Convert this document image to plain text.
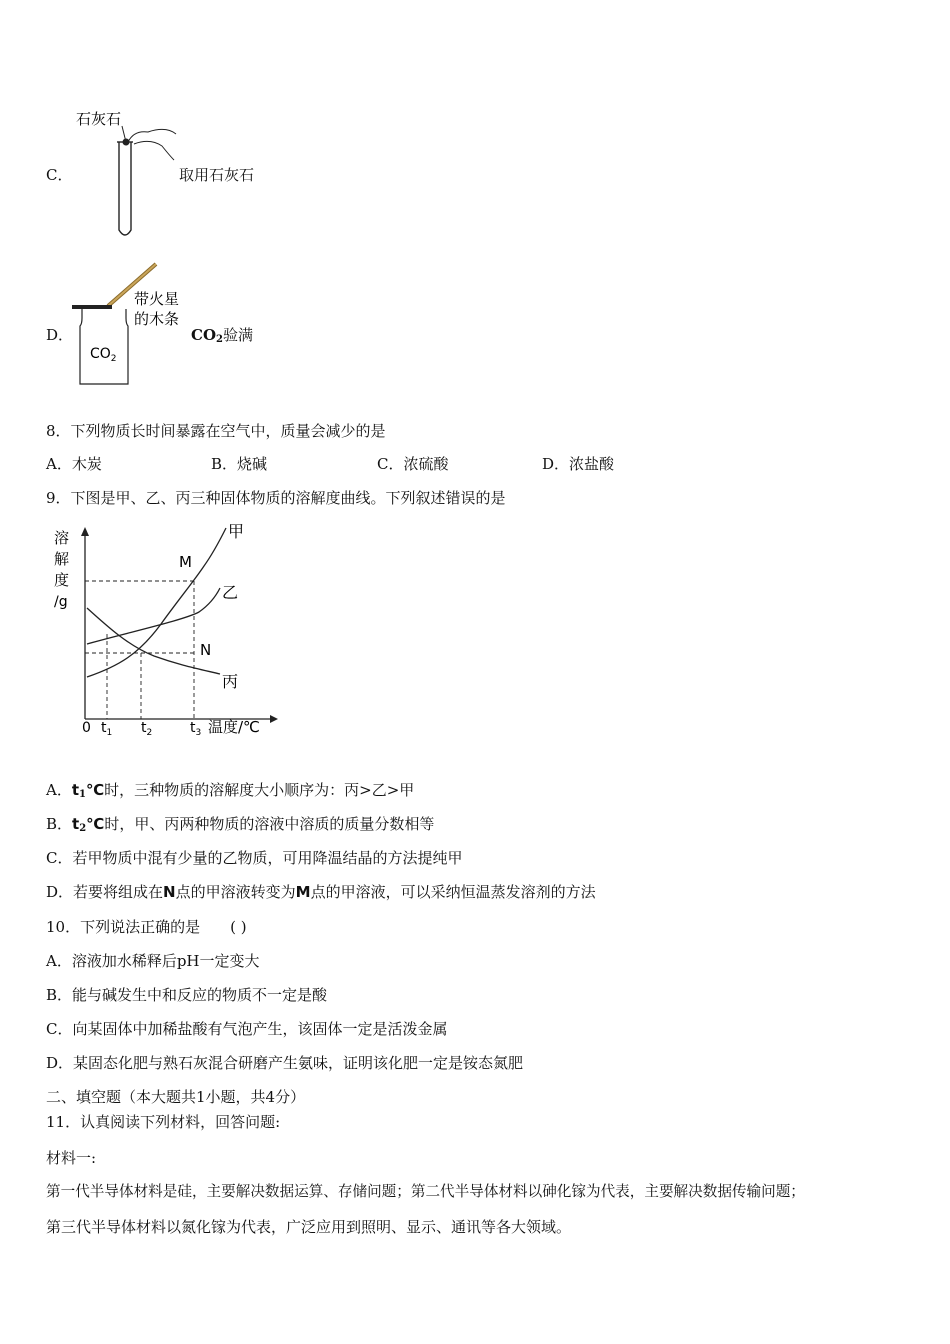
C．
石灰石
取用石灰石
D．
带火星
的木条
$CO_2$
$CO_2$验满
8．下列物质长时间暴露在空气中，质量会减少的是
A．木炭	B．烧碱	C．浓硫酸	D．浓盐酸
9．下图是甲、乙、丙三种固体物质的溶解度曲线。下列叙述错误的是
溶
解
度
/g
甲
乙
丙
M
N
0 $t_1$ $t_2$	$t_3$ 温度/℃
A．$t_1℃$时，三种物质的溶解度大小顺序为：丙>乙>甲
B．$t_2℃$时，甲、丙两种物质的溶液中溶质的质量分数相等
C．若甲物质中混有少量的乙物质，可用降温结晶的方法提纯甲
D．若要将组成在N点的甲溶液转变为M点的甲溶液，可以采纳恒温蒸发溶剂的方法
10．下列说法正确的是　　( )
A．溶液加水稀释后pH一定变大
B．能与碱发生中和反应的物质不一定是酸
C．向某固体中加稀盐酸有气泡产生，该固体一定是活泼金属
D．某固态化肥与熟石灰混合研磨产生氨味，证明该化肥一定是铵态氮肥
二、填空题（本大题共1小题，共4分）
11．认真阅读下列材料，回答问题:
材料一:
第一代半导体材料是硅，主要解决数据运算、存储问题；第二代半导体材料以砷化镓为代表，主要解决数据传输问题；
第三代半导体材料以氮化镓为代表，广泛应用到照明、显示、通讯等各大领域。
